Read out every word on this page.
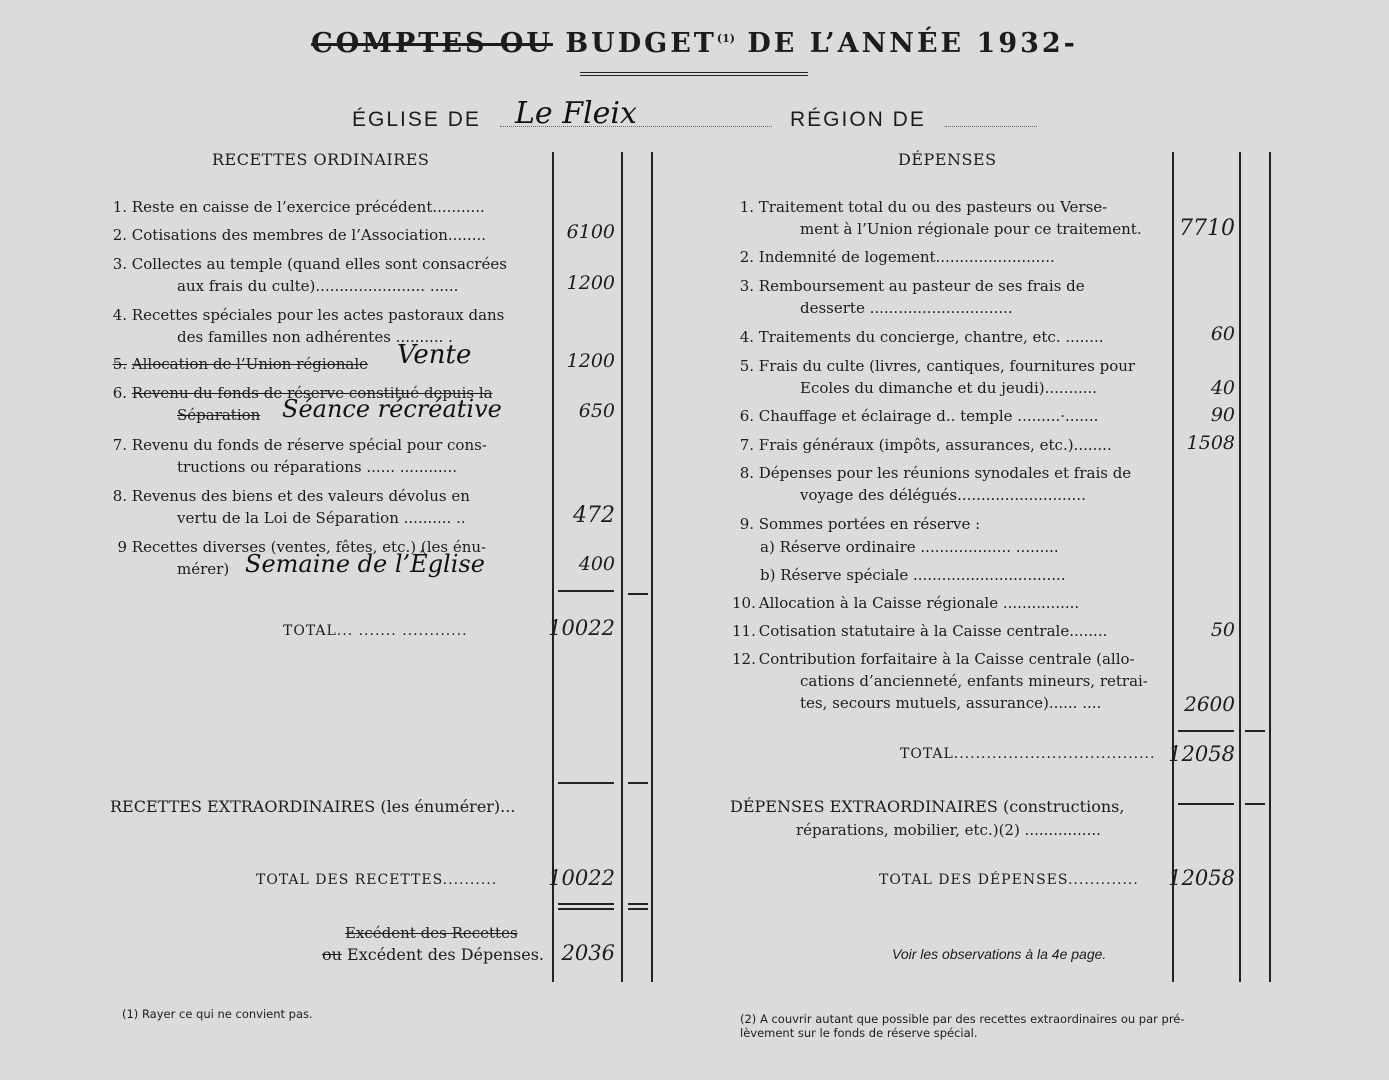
COMPTES OU BUDGET$^{(1)}$ DE L’ANNÉE 1932-
ÉGLISE DE Le Fleix	RÉGION DE
RECETTES ORDINAIRES	DÉPENSES
1. Reste en caisse de l’exercice précédent...........
2. Cotisations des membres de l’Association........	6100
3. Collectes au temple (quand elles sont consacrées
aux frais du culte)....................... ......	1200
4. Recettes spéciales pour les actes pastoraux dans
des familles non adhérentes .......... .
5. Allocation de l’Union régionale Vente	1200
6. Revenu du fonds de réserve constitué depuis la
Séparation Séance récréative	650
7. Revenu du fonds de réserve spécial pour cons-
tructions ou réparations ...... ............
8. Revenus des biens et des valeurs dévolus en
vertu de la Loi de Séparation .......... ..	472
9 Recettes diverses (ventes, fêtes, etc.) (les énu-
mérer) Semaine de l’Église	400
TOTAL... ....... ............	10022
RECETTES EXTRAORDINAIRES (les énumérer)...
TOTAL DES RECETTES.......... 10022
Excédent des Recettes
ou Excédent des Dépenses. 2036
1. Traitement total du ou des pasteurs ou Verse-
ment à l’Union régionale pour ce traitement.	7710
2. Indemnité de logement.........................
3. Remboursement au pasteur de ses frais de
desserte ..............................
4. Traitements du concierge, chantre, etc. ........	60
5. Frais du culte (livres, cantiques, fournitures pour
Ecoles du dimanche et du jeudi)...........	40
6. Chauffage et éclairage d.. temple .........·.......	90
7. Frais généraux (impôts, assurances, etc.)........	1508
8. Dépenses pour les réunions synodales et frais de
voyage des délégués...........................
9. Sommes portées en réserve :
a) Réserve ordinaire ................... .........
b) Réserve spéciale ................................
10. Allocation à la Caisse régionale ................
11. Cotisation statutaire à la Caisse centrale........	50
12. Contribution forfaitaire à la Caisse centrale (allo-
cations d’ancienneté, enfants mineurs, retrai-
tes, secours mutuels, assurance)...... ....	2600
TOTAL..................................... 12058
DÉPENSES EXTRAORDINAIRES (constructions,
réparations, mobilier, etc.)(2) ................
TOTAL DES DÉPENSES............. 12058
Voir les observations à la 4e page.
(1) Rayer ce qui ne convient pas.	(2) A couvrir autant que possible par des recettes extraordinaires ou par pré-
lèvement sur le fonds de réserve spécial.
